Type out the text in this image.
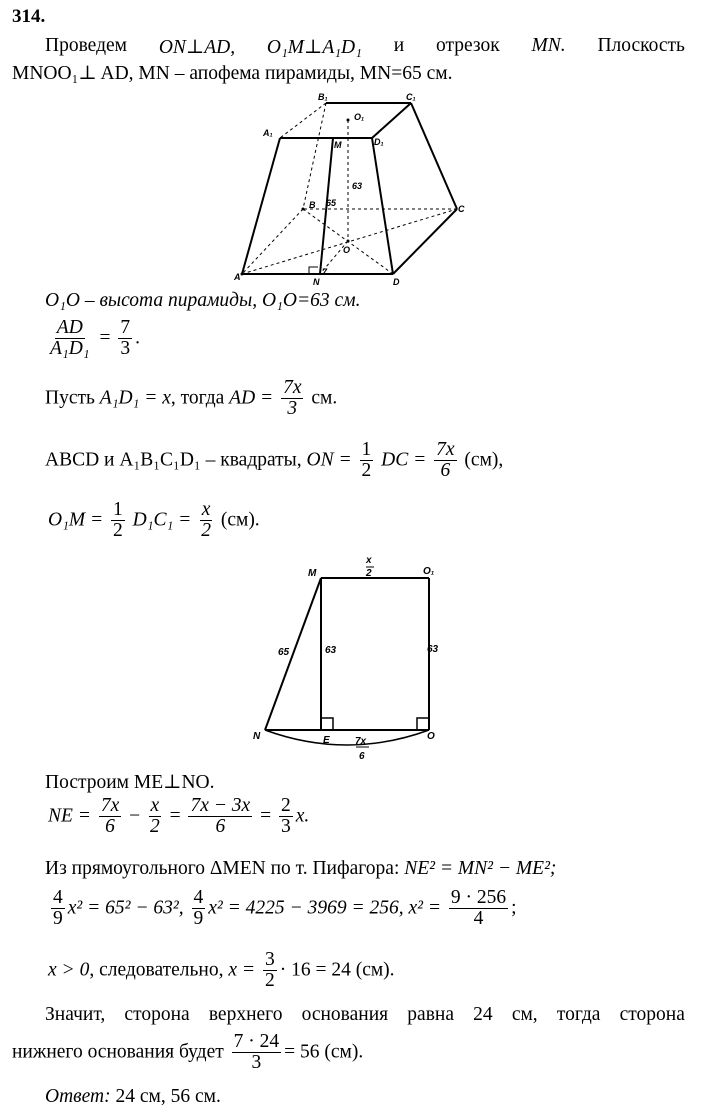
314.
Проведем ON⊥AD, O₁M⊥A₁D₁ и отрезок MN. Плоскость
MNOO₁⊥ AD, MN – апофема пирамиды, MN=65 см.
B₁	C₁
A₁
O₁
M	D₁
B	C
O
A	N	D
63
65
7
O₁O – высота пирамиды, O₁O=63 см.
$\frac{AD}{\text{A₁D₁}} = \frac{7}{3}$ .
Пусть A₁D₁ = x, тогда AD = $\frac{7x}{3}$ см.
ABCD и A₁B₁C₁D₁ – квадраты, ON = $\frac{1}{2}$ DC = $\frac{7x}{6} (см)$,
$O_1M = \frac{1}{2} D_1C_1 = \frac{x}{2} (см)$.
M	O₁
x
2
65	63	63
N	E	O
7x
6
Построим ME⊥NO.
NE = $\frac{7x}{6} - \frac{x}{2} = \frac{7x - 3x}{6} = \frac{2}{3} x$.
Из прямоугольного ΔMEN по т. Пифагора: NE² = MN² − ME²;
$\frac{4}{9} x^2 = 65^2 - 63^2$, $\frac{4}{9} x^2 = 4225 - 3969 = 256$, $x^2 = \frac{9 \cdot 256}{4}$ ;
x > 0, следовательно, $x = \frac{3}{2} \cdot 16 = 24$ (см).
Значит, сторона верхнего основания равна 24 см, тогда сторона
нижнего основания будет $\frac{7 \cdot 24}{3} = 56$ (см).
Ответ: 24 см, 56 см.
